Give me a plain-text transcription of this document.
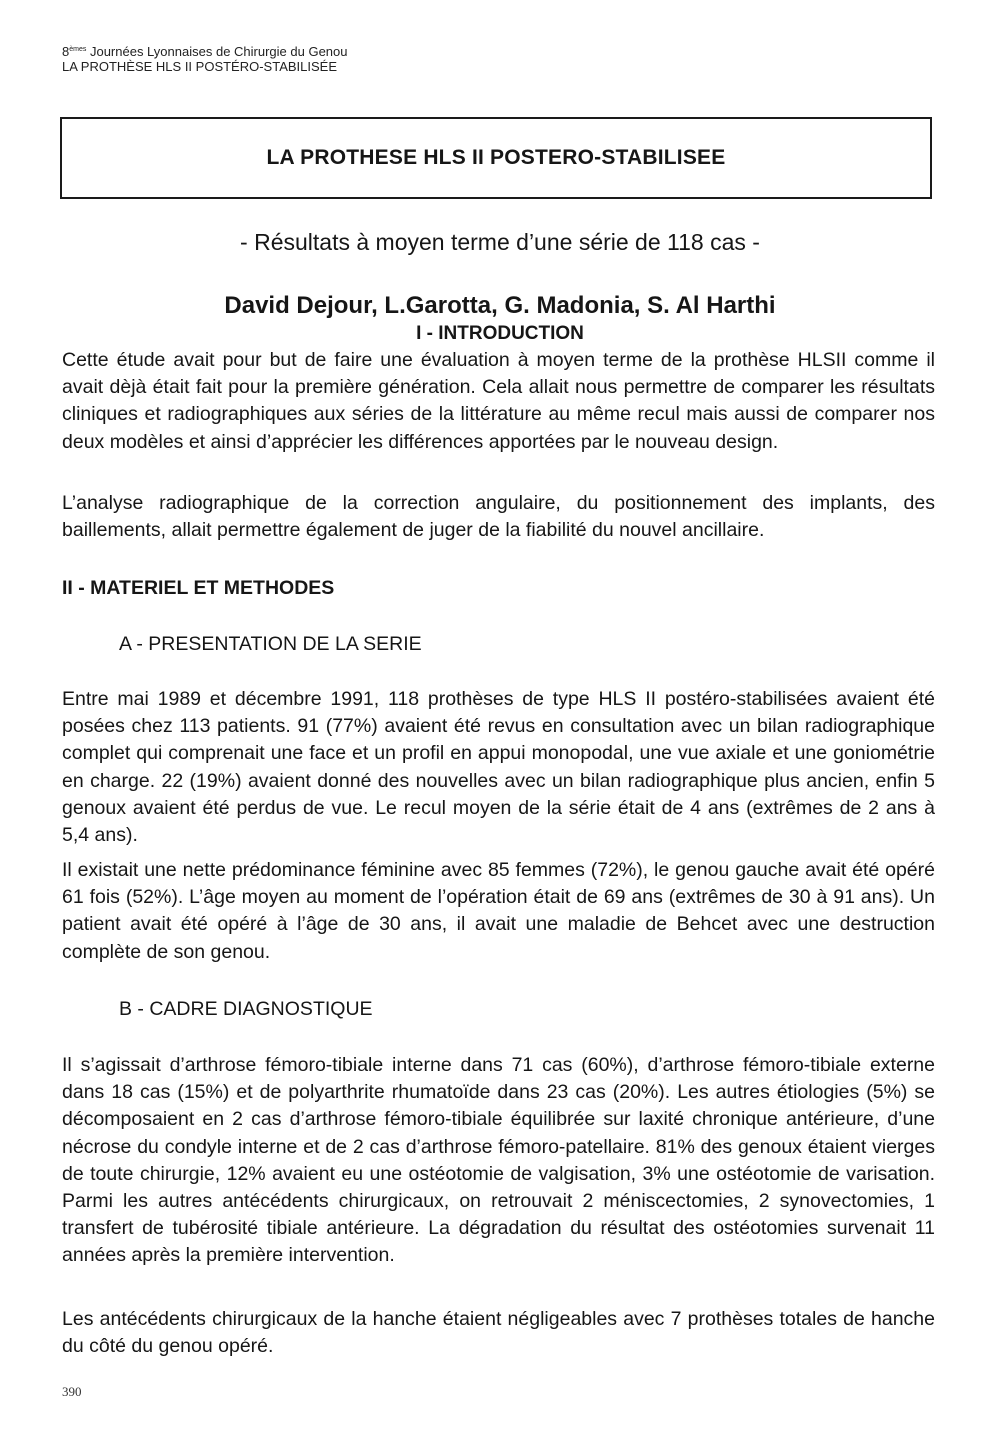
8èmes Journées Lyonnaises de Chirurgie du Genou
LA PROTHÈSE HLS II POSTÉRO-STABILISÉE
LA PROTHESE HLS II POSTERO-STABILISEE
- Résultats à moyen terme d’une série de 118 cas -
David Dejour, L.Garotta, G. Madonia, S. Al Harthi
I - INTRODUCTION

Cette étude avait pour but de faire une évaluation à moyen terme de la prothèse HLSII comme il avait dèjà était fait pour la première génération. Cela allait nous permettre de comparer les résultats cliniques et radiographiques aux séries de la littérature au même recul mais aussi de comparer nos deux modèles et ainsi d’apprécier les différences apportées par le nouveau design.

L’analyse radiographique de la correction angulaire, du positionnement des implants, des baillements, allait permettre également de juger de la fiabilité du nouvel ancillaire.

II - MATERIEL ET METHODES
A - PRESENTATION DE LA SERIE

Entre mai 1989 et décembre 1991, 118 prothèses de type HLS II postéro-stabilisées avaient été posées chez 113 patients. 91 (77%) avaient été revus en consultation avec un bilan radiographique complet qui comprenait une face et un profil en appui monopodal, une vue axiale et une goniométrie en charge. 22 (19%) avaient donné des nouvelles avec un bilan radiographique plus ancien, enfin 5 genoux avaient été perdus de vue. Le recul moyen de la série était de 4 ans (extrêmes de 2 ans à 5,4 ans).

Il existait une nette prédominance féminine avec 85 femmes (72%), le genou gauche avait été opéré 61 fois (52%). L’âge moyen au moment de l’opération était de 69 ans (extrêmes de 30 à 91 ans). Un patient avait été opéré à l’âge de 30 ans, il avait une maladie de Behcet avec une destruction complète de son genou.

B - CADRE DIAGNOSTIQUE

Il s’agissait d’arthrose fémoro-tibiale interne dans 71 cas (60%), d’arthrose fémoro-tibiale externe dans 18 cas (15%) et de polyarthrite rhumatoïde dans 23 cas (20%). Les autres étiologies (5%) se décomposaient en 2 cas d’arthrose fémoro-tibiale équilibrée sur laxité chronique antérieure, d’une nécrose du condyle interne et de 2 cas d’arthrose fémoro-patellaire. 81% des genoux étaient vierges de toute chirurgie, 12% avaient eu une ostéotomie de valgisation, 3% une ostéotomie de varisation. Parmi les autres antécédents chirurgicaux, on retrouvait 2 méniscectomies, 2 synovectomies, 1 transfert de tubérosité tibiale antérieure. La dégradation du résultat des ostéotomies survenait 11 années après la première intervention.

Les antécédents chirurgicaux de la hanche étaient négligeables avec 7 prothèses totales de hanche du côté du genou opéré.

390
